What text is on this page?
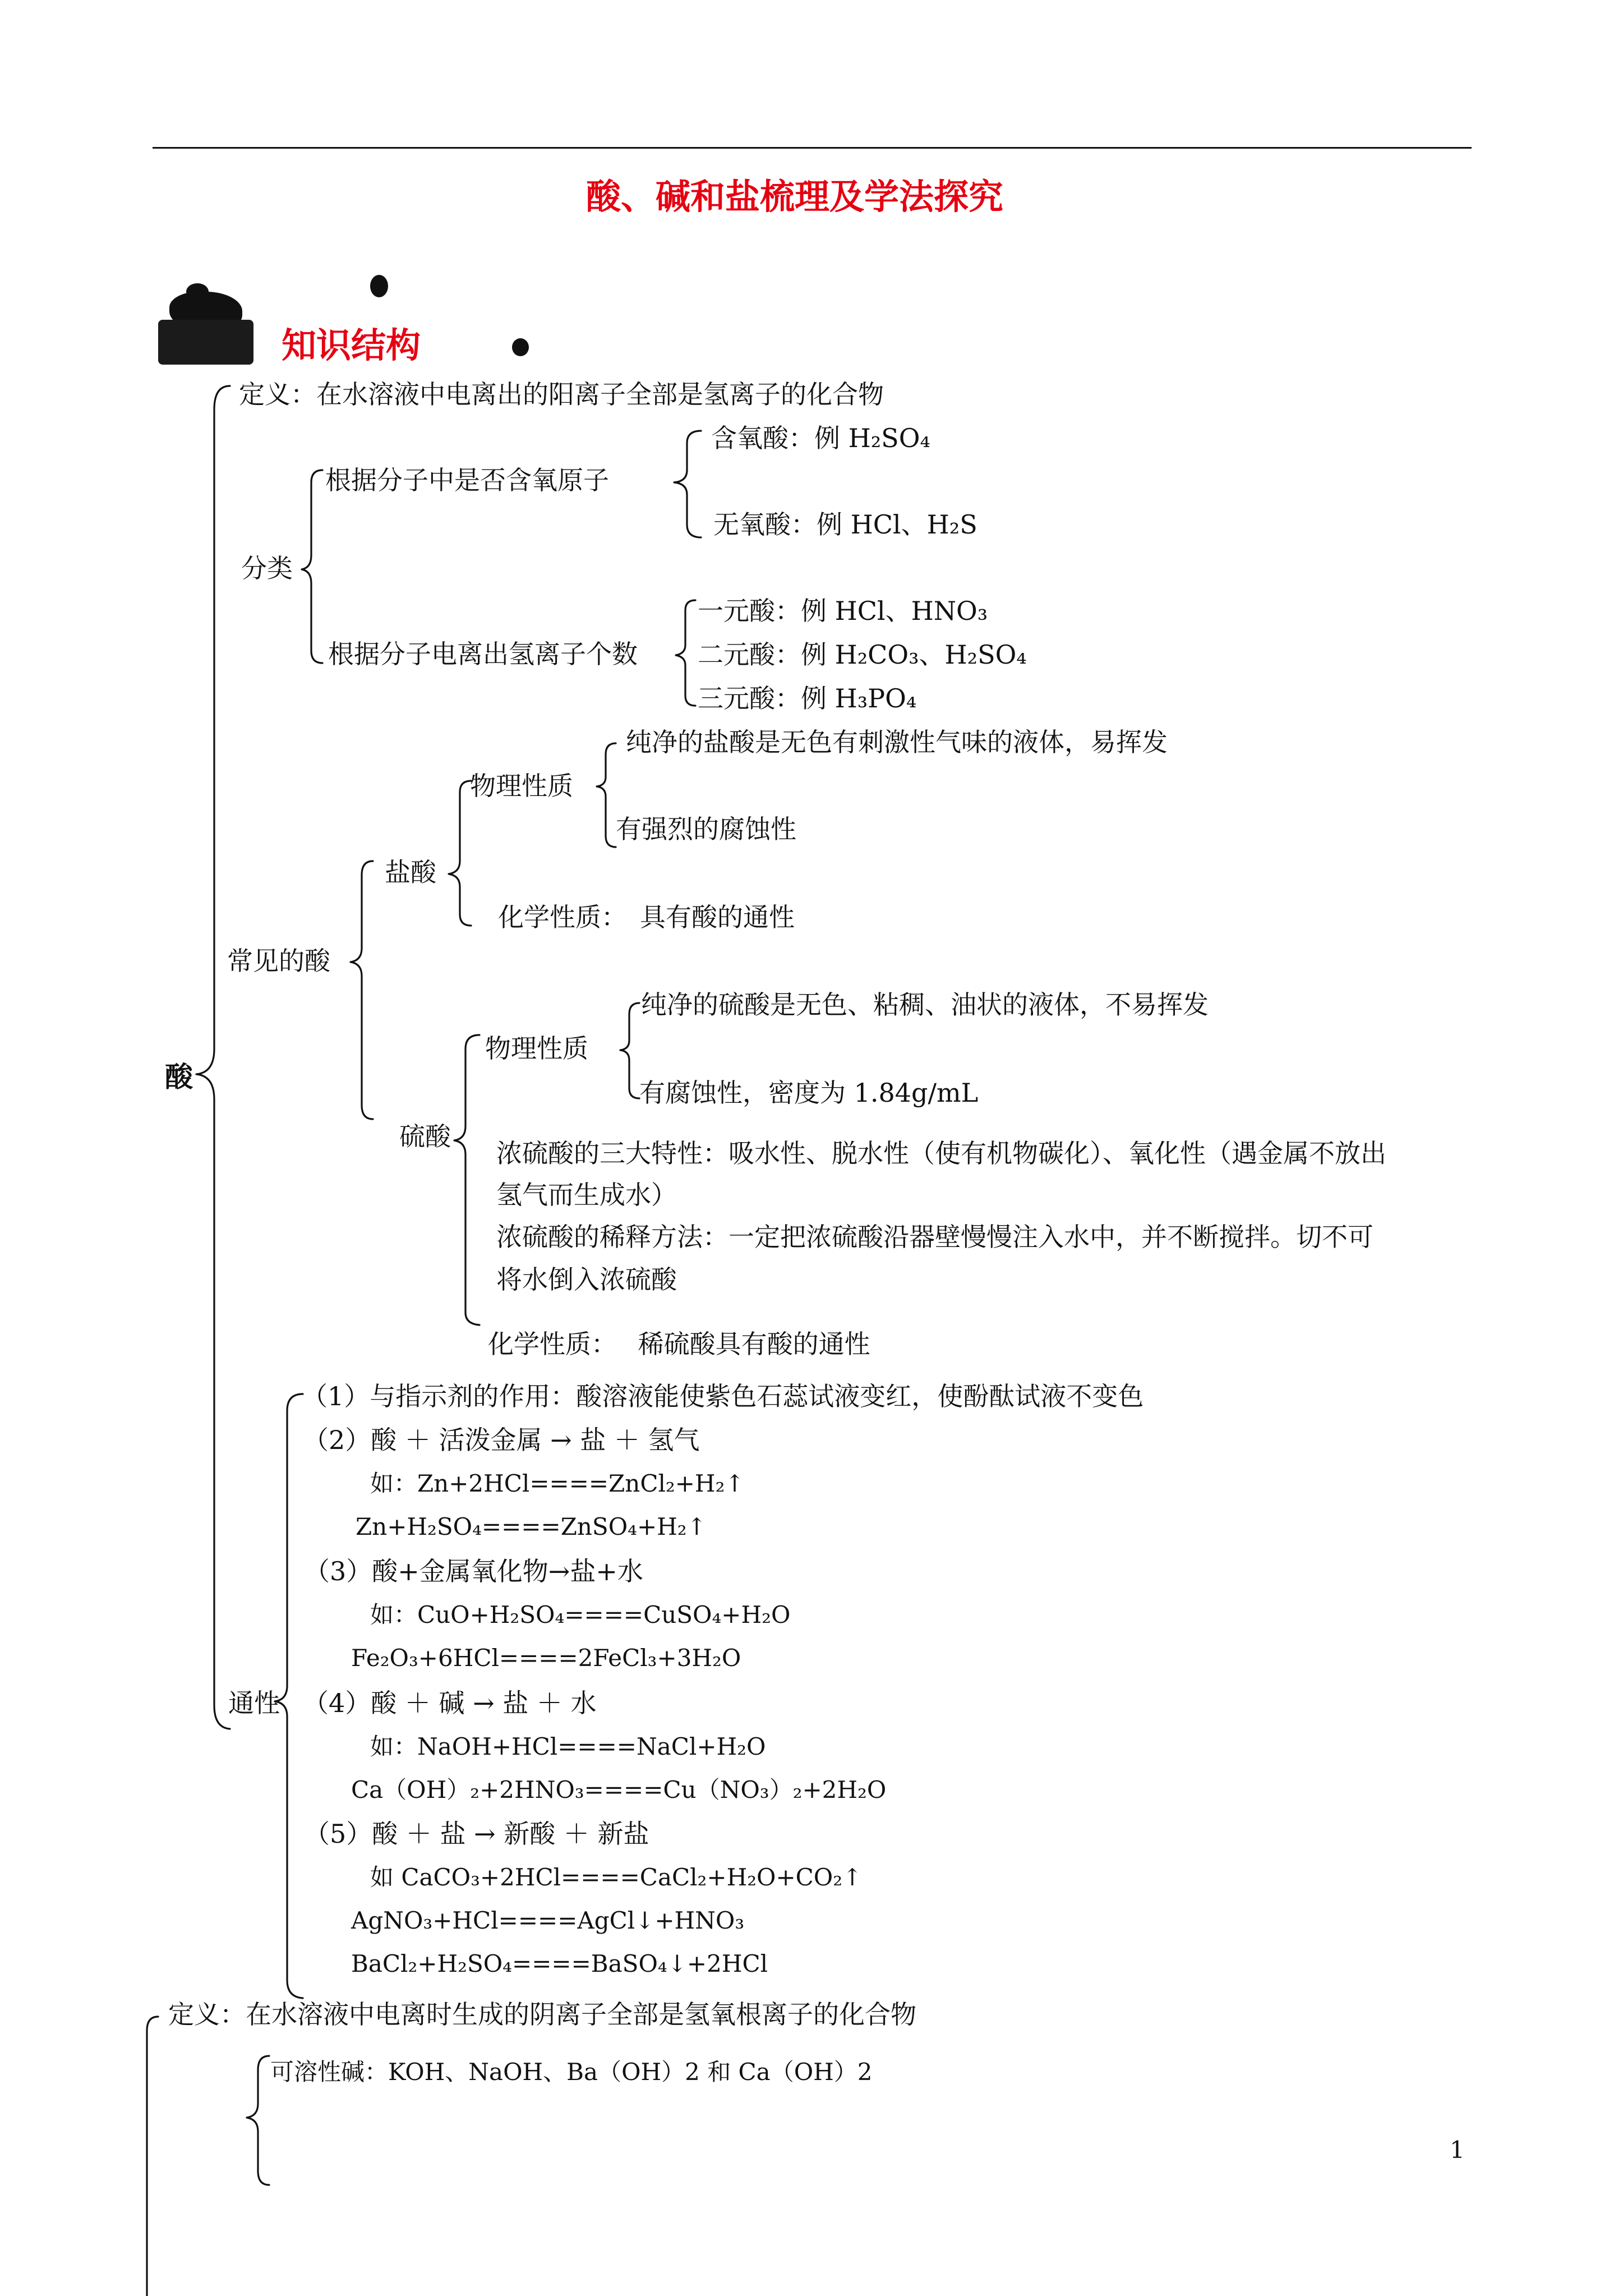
酸、碱和盐梳理及学法探究
知识结构
酸
定义：在水溶液中电离出的阳离子全部是氢离子的化合物
分类
根据分子中是否含氧原子
含氧酸：例 H₂SO₄
无氧酸：例 HCl、H₂S
根据分子电离出氢离子个数
一元酸：例 HCl、HNO₃
二元酸：例 H₂CO₃、H₂SO₄
三元酸：例 H₃PO₄
常见的酸
盐酸
物理性质
纯净的盐酸是无色有刺激性气味的液体，易挥发
有强烈的腐蚀性
化学性质：　具有酸的通性
硫酸
物理性质
纯净的硫酸是无色、粘稠、油状的液体，不易挥发
有腐蚀性，密度为 1.84g/mL
浓硫酸的三大特性：吸水性、脱水性（使有机物碳化）、氧化性（遇金属不放出
氢气而生成水）
浓硫酸的稀释方法：一定把浓硫酸沿器壁慢慢注入水中，并不断搅拌。切不可
将水倒入浓硫酸
化学性质：　 稀硫酸具有酸的通性
通性
（1）与指示剂的作用：酸溶液能使紫色石蕊试液变红，使酚酞试液不变色
（2）酸 ＋ 活泼金属 → 盐 ＋ 氢气
如：Zn+2HCl====ZnCl₂+H₂↑
Zn+H₂SO₄====ZnSO₄+H₂↑
（3）酸+金属氧化物→盐+水
如：CuO+H₂SO₄====CuSO₄+H₂O
Fe₂O₃+6HCl====2FeCl₃+3H₂O
（4）酸 ＋ 碱 → 盐 ＋ 水
如：NaOH+HCl====NaCl+H₂O
Ca（OH）₂+2HNO₃====Cu（NO₃）₂+2H₂O
（5）酸 ＋ 盐 → 新酸 ＋ 新盐
如 CaCO₃+2HCl====CaCl₂+H₂O+CO₂↑
AgNO₃+HCl====AgCl↓+HNO₃
BaCl₂+H₂SO₄====BaSO₄↓+2HCl
定义：在水溶液中电离时生成的阴离子全部是氢氧根离子的化合物
可溶性碱：KOH、NaOH、Ba（OH）2 和 Ca（OH）2
1
